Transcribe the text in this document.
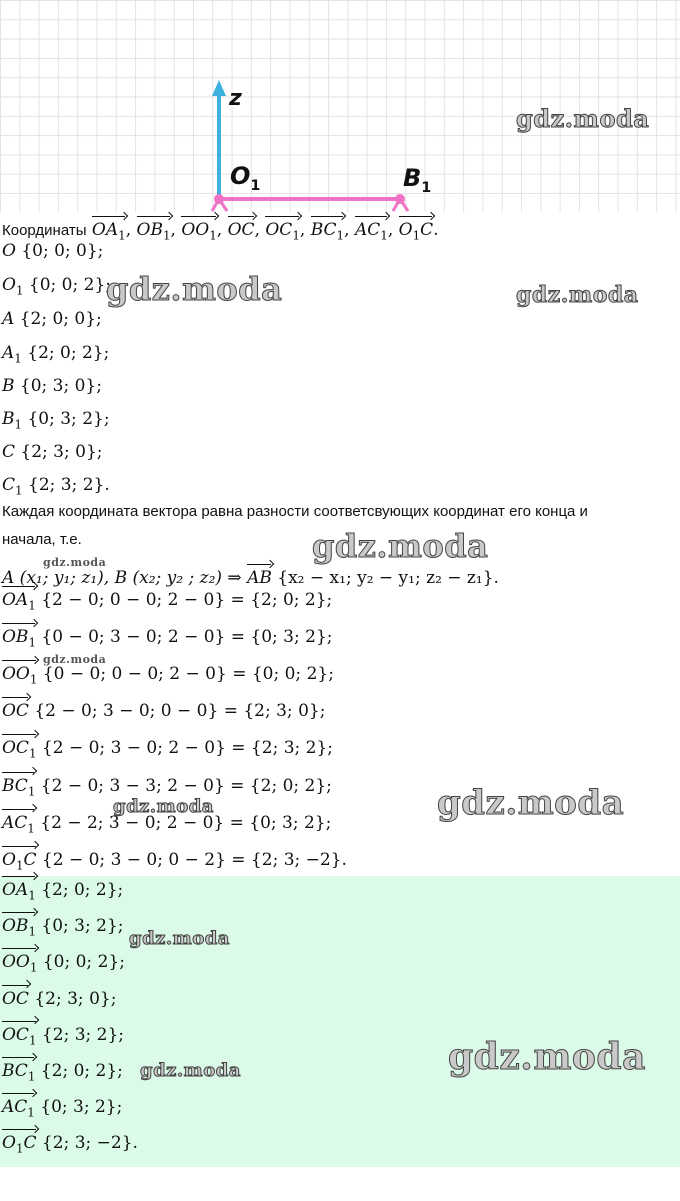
z
$O_1$	$B_1$
Координаты $OA_1$, $OB_1$, $OO_1$, OC, $OC_1$, $BC_1$, $AC_1$, $O_1C$.
O {0; 0; 0};
$O_1$ {0; 0; 2};
A {2; 0; 0};
$A_1$ {2; 0; 2};
B {0; 3; 0};
$B_1$ {0; 3; 2};
C {2; 3; 0};
$C_1$ {2; 3; 2}.
Каждая координата вектора равна разности соответсвующих координат его конца и
начала, т.е.
A (x₁; y₁; z₁), B (x₂; y₂ ; z₂) ⇒ AB {x₂ − x₁; y₂ − y₁; z₂ − z₁}.
$OA_1$ {2 − 0; 0 − 0; 2 − 0} = {2; 0; 2};
$OB_1$ {0 − 0; 3 − 0; 2 − 0} = {0; 3; 2};
$OO_1$ {0 − 0; 0 − 0; 2 − 0} = {0; 0; 2};
OC {2 − 0; 3 − 0; 0 − 0} = {2; 3; 0};
$OC_1$ {2 − 0; 3 − 0; 2 − 0} = {2; 3; 2};
$BC_1$ {2 − 0; 3 − 3; 2 − 0} = {2; 0; 2};
$AC_1$ {2 − 2; 3 − 0; 2 − 0} = {0; 3; 2};
$O_1C$ {2 − 0; 3 − 0; 0 − 2} = {2; 3; −2}.
$OA_1$ {2; 0; 2};
$OB_1$ {0; 3; 2};
$OO_1$ {0; 0; 2};
OC {2; 3; 0};
$OC_1$ {2; 3; 2};
$BC_1$ {2; 0; 2};
$AC_1$ {0; 3; 2};
$O_1C$ {2; 3; −2}.
gdz.moda
gdz.moda	gdz.moda
gdz.moda
gdz.moda
gdz.moda
gdz.moda
gdz.moda
gdz.moda
gdz.moda
gdz.moda
